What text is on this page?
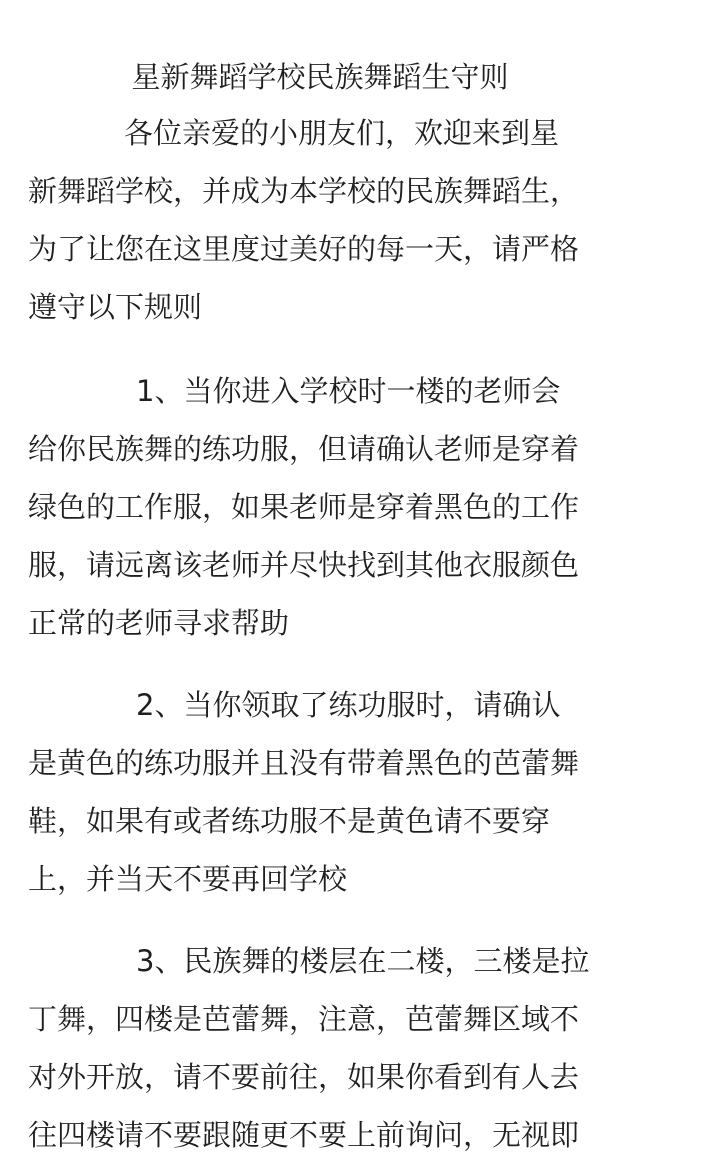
星新舞蹈学校民族舞蹈生守则
各位亲爱的小朋友们，欢迎来到星
新舞蹈学校，并成为本学校的民族舞蹈生，
为了让您在这里度过美好的每一天，请严格
遵守以下规则
1、当你进入学校时一楼的老师会
给你民族舞的练功服，但请确认老师是穿着
绿色的工作服，如果老师是穿着黑色的工作
服，请远离该老师并尽快找到其他衣服颜色
正常的老师寻求帮助
2、当你领取了练功服时，请确认
是黄色的练功服并且没有带着黑色的芭蕾舞
鞋，如果有或者练功服不是黄色请不要穿
上，并当天不要再回学校
3、民族舞的楼层在二楼，三楼是拉
丁舞，四楼是芭蕾舞，注意，芭蕾舞区域不
对外开放，请不要前往，如果你看到有人去
往四楼请不要跟随更不要上前询问，无视即
